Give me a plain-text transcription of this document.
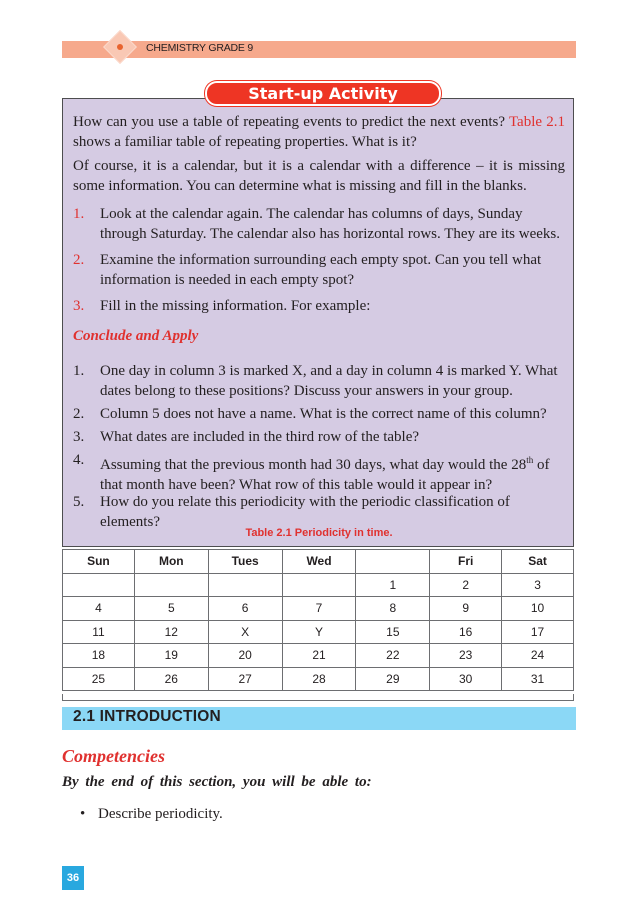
CHEMISTRY GRADE 9
Start-up Activity
How can you use a table of repeating events to predict the next events? Table 2.1 shows a familiar table of repeating properties. What is it?
Of course, it is a calendar, but it is a calendar with a difference – it is missing some information. You can determine what is missing and fill in the blanks.
1. Look at the calendar again. The calendar has columns of days, Sunday through Saturday. The calendar also has horizontal rows. They are its weeks.
2. Examine the information surrounding each empty spot. Can you tell what information is needed in each empty spot?
3. Fill in the missing information. For example:
Conclude and Apply
1. One day in column 3 is marked X, and a day in column 4 is marked Y. What dates belong to these positions? Discuss your answers in your group.
2. Column 5 does not have a name. What is the correct name of this column?
3. What dates are included in the third row of the table?
4. Assuming that the previous month had 30 days, what day would the 28th of that month have been? What row of this table would it appear in?
5. How do you relate this periodicity with the periodic classification of elements?
Table 2.1 Periodicity in time.
Sun	Mon	Tues	Wed		Fri	Sat
				1	2	3
4	5	6	7	8	9	10
11	12	X	Y	15	16	17
18	19	20	21	22	23	24
25	26	27	28	29	30	31
2.1 INTRODUCTION
Competencies
By the end of this section, you will be able to:
• Describe periodicity.
36
